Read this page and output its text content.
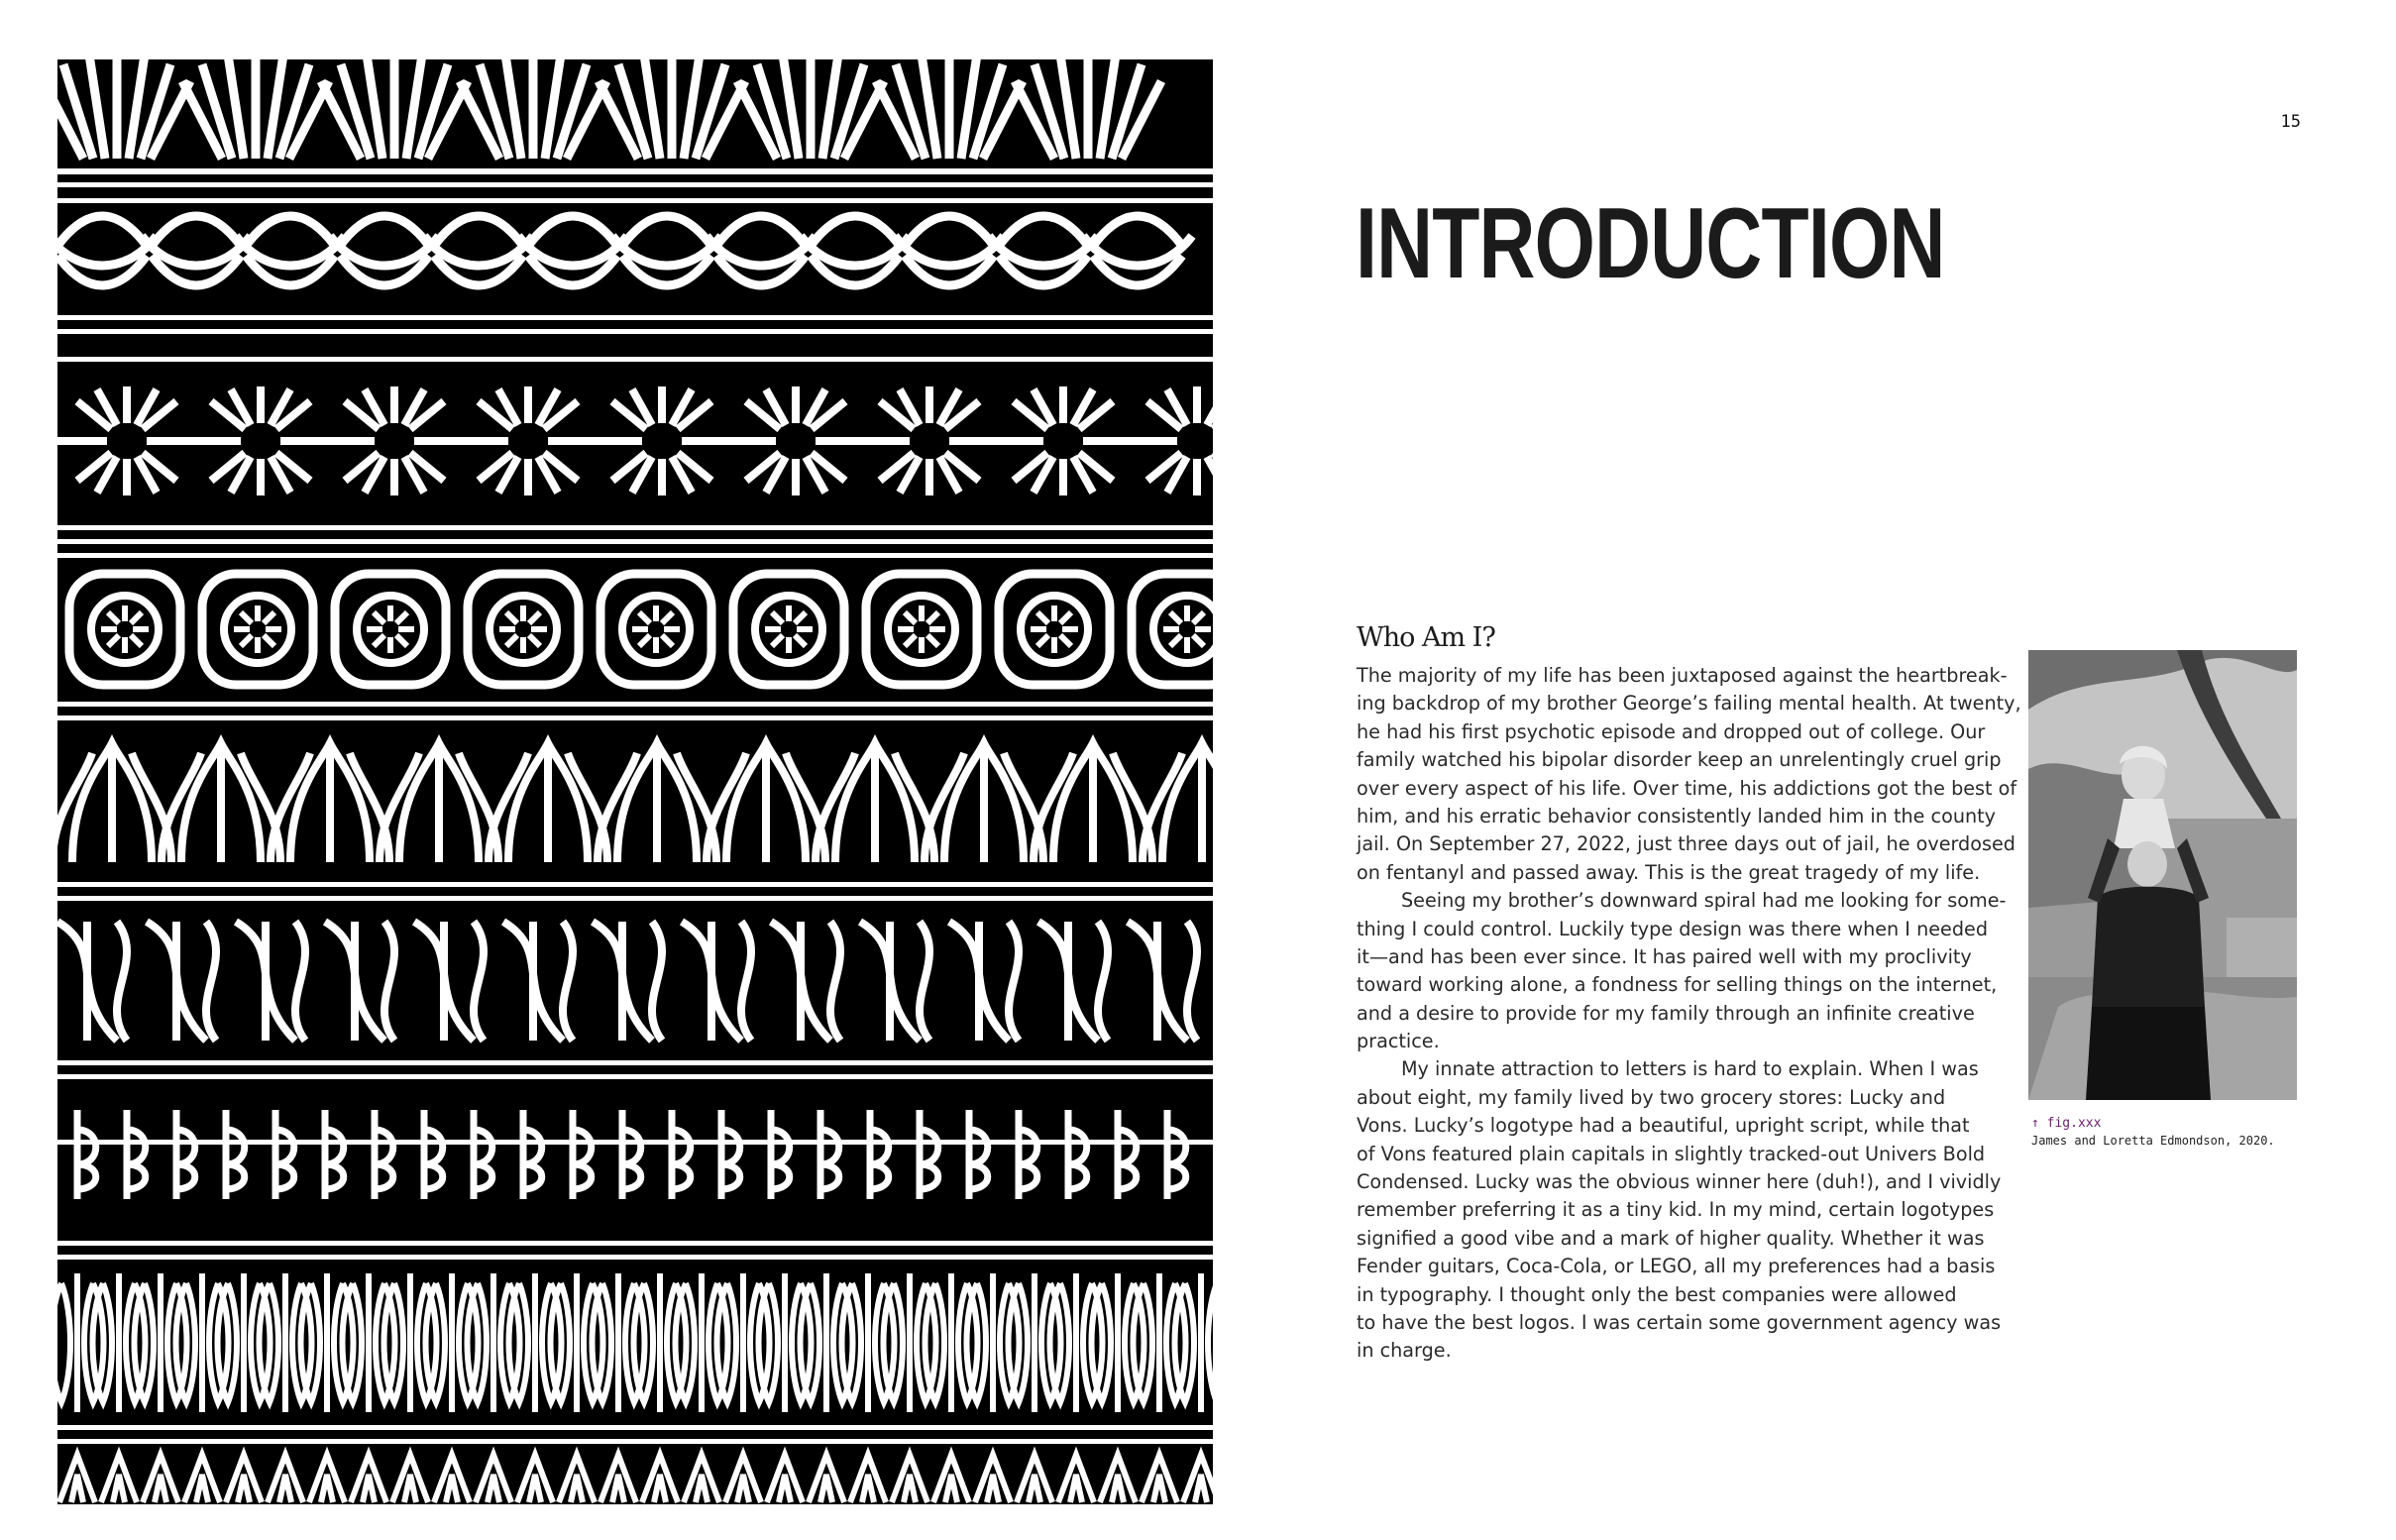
15
INTRODUCTION
Who Am I?
The majority of my life has been juxtaposed against the heartbreak-
ing backdrop of my brother George’s failing mental health. At twenty,
he had his first psychotic episode and dropped out of college. Our
family watched his bipolar disorder keep an unrelentingly cruel grip
over every aspect of his life. Over time, his addictions got the best of
him, and his erratic behavior consistently landed him in the county
jail. On September 27, 2022, just three days out of jail, he overdosed
on fentanyl and passed away. This is the great tragedy of my life.
Seeing my brother’s downward spiral had me looking for some-
thing I could control. Luckily type design was there when I needed
it—and has been ever since. It has paired well with my proclivity
toward working alone, a fondness for selling things on the internet,
and a desire to provide for my family through an infinite creative
practice.
My innate attraction to letters is hard to explain. When I was
about eight, my family lived by two grocery stores: Lucky and
Vons. Lucky’s logotype had a beautiful, upright script, while that
of Vons featured plain capitals in slightly tracked-out Univers Bold
Condensed. Lucky was the obvious winner here (duh!), and I vividly
remember preferring it as a tiny kid. In my mind, certain logotypes
signified a good vibe and a mark of higher quality. Whether it was
Fender guitars, Coca-Cola, or LEGO, all my preferences had a basis
in typography. I thought only the best companies were allowed
to have the best logos. I was certain some government agency was
in charge.
↑ fig.xxx
James and Loretta Edmondson, 2020.
